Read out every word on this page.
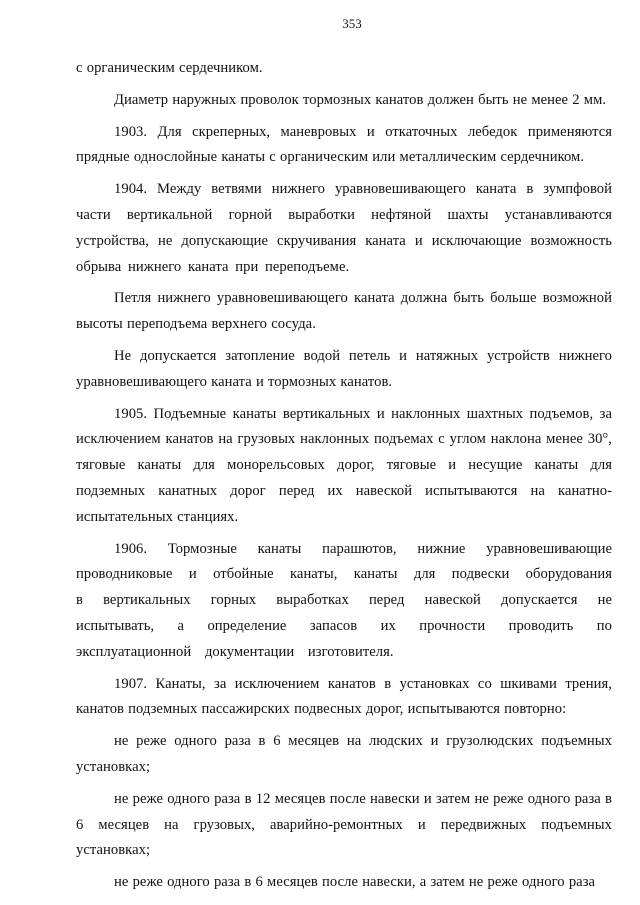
353

с органическим сердечником.

Диаметр наружных проволок тормозных канатов должен быть не менее 2 мм.

1903. Для скреперных, маневровых и откаточных лебедок применяются прядные однослойные канаты с органическим или металлическим сердечником.

1904. Между ветвями нижнего уравновешивающего каната в зумпфовой части вертикальной горной выработки нефтяной шахты устанавливаются устройства, не допускающие скручивания каната и исключающие возможность обрыва нижнего каната при переподъеме.

Петля нижнего уравновешивающего каната должна быть больше возможной высоты переподъема верхнего сосуда.

Не допускается затопление водой петель и натяжных устройств нижнего уравновешивающего каната и тормозных канатов.

1905. Подъемные канаты вертикальных и наклонных шахтных подъемов, за исключением канатов на грузовых наклонных подъемах с углом наклона менее 30°, тяговые канаты для монорельсовых дорог, тяговые и несущие канаты для подземных канатных дорог перед их навеской испытываются на канатно-испытательных станциях.

1906. Тормозные канаты парашютов, нижние уравновешивающие проводниковые и отбойные канаты, канаты для подвески оборудования в вертикальных горных выработках перед навеской допускается не испытывать, а определение запасов их прочности проводить по эксплуатационной документации изготовителя.

1907. Канаты, за исключением канатов в установках со шкивами трения, канатов подземных пассажирских подвесных дорог, испытываются повторно:

не реже одного раза в 6 месяцев на людских и грузолюдских подъемных установках;

не реже одного раза в 12 месяцев после навески и затем не реже одного раза в 6 месяцев на грузовых, аварийно-ремонтных и передвижных подъемных установках;

не реже одного раза в 6 месяцев после навески, а затем не реже одного раза
